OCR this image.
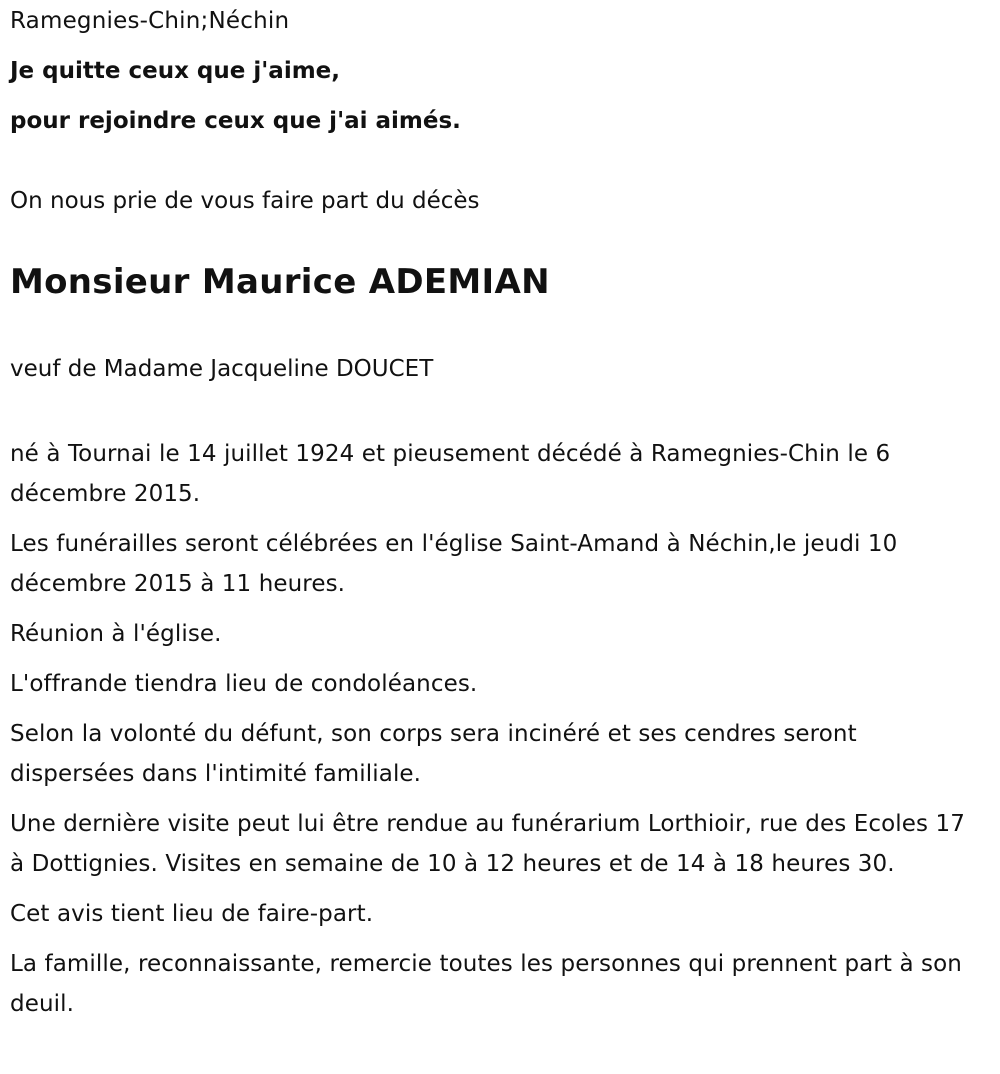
Ramegnies-Chin;Néchin
Je quitte ceux que j'aime,
pour rejoindre ceux que j'ai aimés.
On nous prie de vous faire part du décès
Monsieur Maurice ADEMIAN
veuf de Madame Jacqueline DOUCET

né à Tournai le 14 juillet 1924 et pieusement décédé à Ramegnies-Chin le 6 décembre 2015.

Les funérailles seront célébrées en l'église Saint-Amand à Néchin,le jeudi 10 décembre 2015 à 11 heures.

Réunion à l'église.

L'offrande tiendra lieu de condoléances.

Selon la volonté du défunt, son corps sera inciné​ré et ses cendres seront dispersées dans l'intimité familiale.

Une dernière visite peut lui être rendue au funérarium Lorthioir, rue des Ecoles 17 à Dottignies. Visites en semaine de 10 à 12 heures et de 14 à 18 heures 30.

Cet avis tient lieu de faire-part.

La famille, reconnaissante, remercie toutes les personnes qui prennent part à son deuil.
